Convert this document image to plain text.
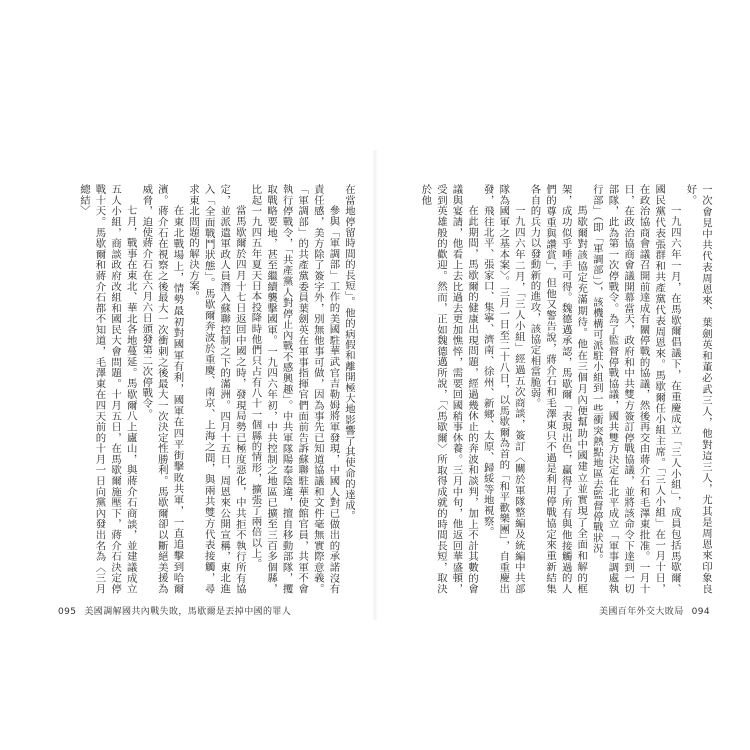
在當地停留時間的長短」。他的病假和離開極大地影響了其使命的達成。

參與「軍調部」工作的美國駐華武官吉勒姆將軍發現，中國人對已做出的承諾沒有責任感，美方除了簽字外，別無他事可做，因為事先已知道協議和文件毫無實際意義。「軍調部」的共產黨委員葉劍英在軍事指揮官們面前告訴蘇聯駐華使館官員，共軍不會執行停戰令，「共產黨人對停止內戰不感興趣」。中共軍隊陽奉陰違，擅自移動部隊，攫取戰略要地，甚至繼續襲擊國軍。一九四六年初，中共控制之地區已擴至三百多個縣，比起一九四五年夏天日本投降時他們只占有八十一個縣的情形，擴張了兩倍以上。

當馬歇爾於四月十七日返回中國之時，發現局勢已極度惡化，中共拒不執行所有協定，並派遣軍政人員潛入蘇聯控制之下的滿洲。四月十五日，周恩來公開宣稱，東北進入「全面戰鬥狀態」。馬歇爾奔波於重慶、南京、上海之間，與兩共雙方代表接觸，尋求東北問題的解決方案。

在東北戰場上，情勢最初對國軍有利，國軍在四平街擊敗共軍，一直追擊到哈爾濱。蔣介石在視察之後最大一次衝刺之後最大一次決定性勝利。馬歇爾卻以斷絕美援為威脅，迫使蔣介石在六月六日頒發第二次停戰令。

七月，戰事在東北、華北各地蔓延。馬歇爾八上廬山，與蔣介石商談，並建議成立五人小組，商談政府改組和國民大會問題。十月五日，在馬歇爾施壓下，蔣介石決定停戰十天。馬歇爾和蔣介石都不知道，毛澤東在四天前的十月一日向黨內發出名為〈三月總結〉

095 美國調解國共內戰失敗，馬歇爾是丟掉中國的罪人

一次會見中共代表周恩來、葉劍英和董必武三人，他對這三人，尤其是周恩來印象良好。

一九四六年一月，在馬歇爾倡議下，在重慶成立「三人小組」，成員包括馬歇爾、國民黨代表張群和共產黨代表周恩來。馬歇爾任小組主席。「三人小組」在一月十日，在政治協商會議召開前達成有關停戰的協議，然後再交由蔣介石和毛澤東批准。一月十日，在政治協商會議開幕當天，政府和中共雙方簽訂停戰協議，並將該命令下達到一切部隊，此為第一次停戰令。為了監督停戰協議，國共雙方決定在北平成立「軍事調處執行部」（即「軍調部」），該機構可派駐小組到一些衝突熱點地區去監督停戰狀況。

馬歇爾對該協定充滿期待。他在三個月內便幫助中國建立並實現了全面和解的框架，成功似乎唾手可得。魏德邁承認，馬歇爾「表現出色，贏得了所有與他接觸過的人們的尊重與讚賞」，但他又警告說，蔣介石和毛澤東只不過是利用停戰協定來重新結集各自的兵力以發動新的進攻，該協定相當脆弱。

一九四六年二月，「三人小組」經過五次商談，簽訂〈關於軍隊整編及統編中共部隊為國軍之基本案〉。三月一日至二十八日，以馬歇爾為首的「和平歡樂團」，自重慶出發，飛往北平、張家口、集寧、濟南、徐州、新鄉、太原、歸綏等地視察。

在此期間，馬歇爾的健康出現問題，經過幾休止的奔波和談判，加上不計其數的會議與宴請，他看上去比過去更加憔悴，需要回國稍事休養。三月中旬，他返回華盛頓，受到英雄般的歡迎。然而，正如魏德邁所說，「〈馬歇爾〉所取得成就的時間長短，取決於他

美國百年外交大敗局 094
